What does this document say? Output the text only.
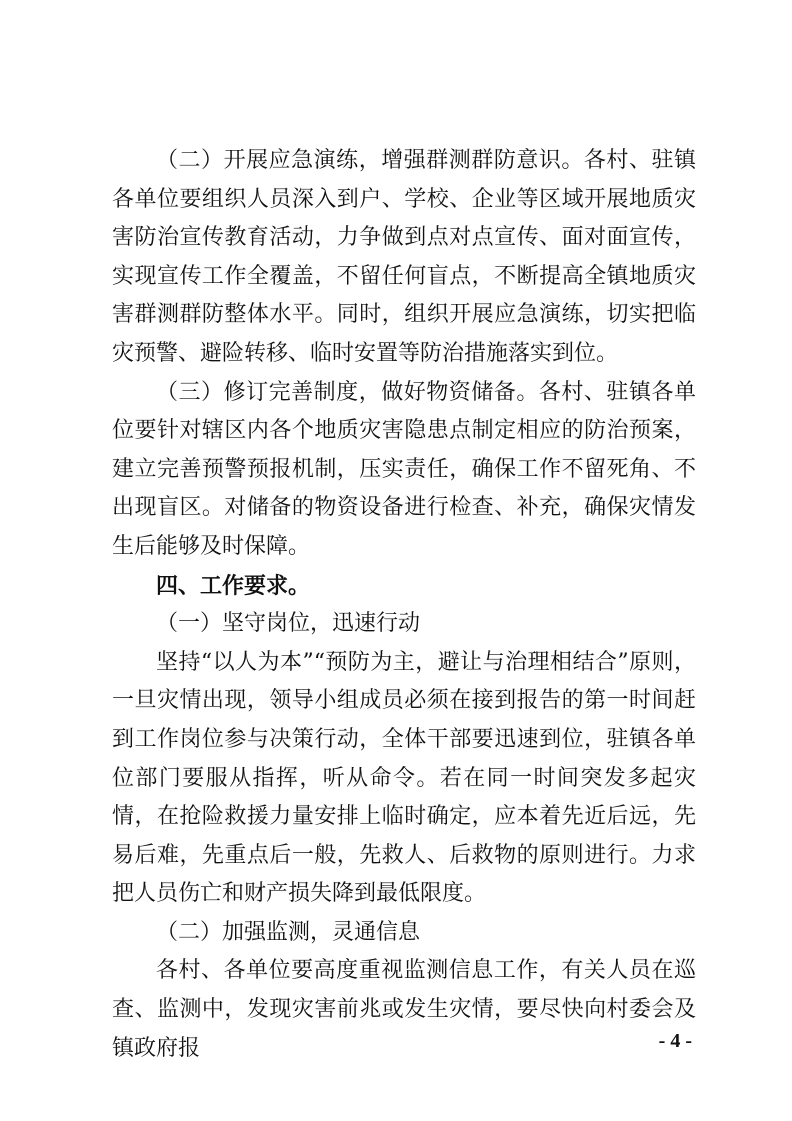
（二）开展应急演练，增强群测群防意识。各村、驻镇各单位要组织人员深入到户、学校、企业等区域开展地质灾害防治宣传教育活动，力争做到点对点宣传、面对面宣传，实现宣传工作全覆盖，不留任何盲点，不断提高全镇地质灾害群测群防整体水平。同时，组织开展应急演练，切实把临灾预警、避险转移、临时安置等防治措施落实到位。

（三）修订完善制度，做好物资储备。各村、驻镇各单位要针对辖区内各个地质灾害隐患点制定相应的防治预案，建立完善预警预报机制，压实责任，确保工作不留死角、不出现盲区。对储备的物资设备进行检查、补充，确保灾情发生后能够及时保障。

四、工作要求。

（一）坚守岗位，迅速行动

坚持“以人为本”“预防为主，避让与治理相结合”原则，一旦灾情出现，领导小组成员必须在接到报告的第一时间赶到工作岗位参与决策行动，全体干部要迅速到位，驻镇各单位部门要服从指挥，听从命令。若在同一时间突发多起灾情，在抢险救援力量安排上临时确定，应本着先近后远，先易后难，先重点后一般，先救人、后救物的原则进行。力求把人员伤亡和财产损失降到最低限度。

（二）加强监测，灵通信息

各村、各单位要高度重视监测信息工作，有关人员在巡查、监测中，发现灾害前兆或发生灾情，要尽快向村委会及镇政府报	- 4 -
